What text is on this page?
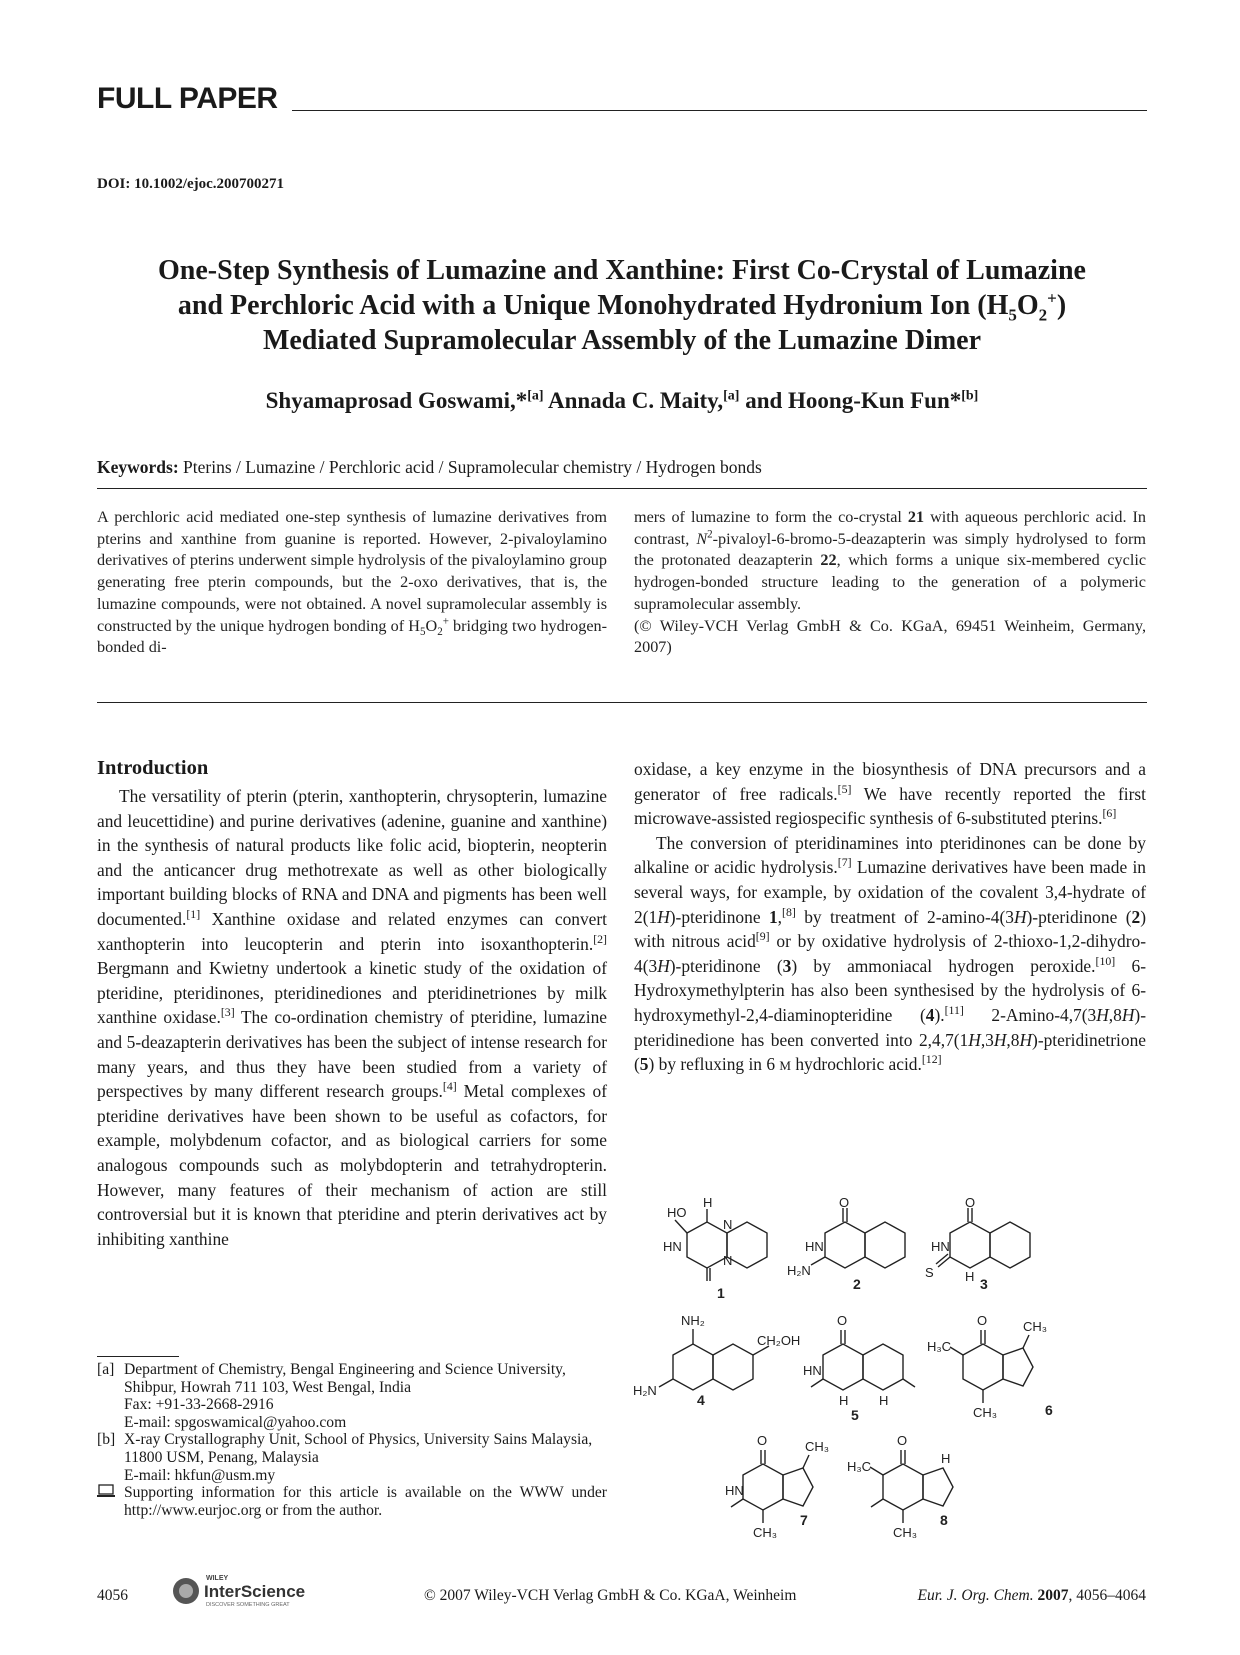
FULL PAPER
DOI: 10.1002/ejoc.200700271
One-Step Synthesis of Lumazine and Xanthine: First Co-Crystal of Lumazine
and Perchloric Acid with a Unique Monohydrated Hydronium Ion $(H_5O_2^+)$
Mediated Supramolecular Assembly of the Lumazine Dimer
Shyamaprosad Goswami,*[a] Annada C. Maity,[a] and Hoong-Kun Fun*[b]
Keywords: Pterins / Lumazine / Perchloric acid / Supramolecular chemistry / Hydrogen bonds
A perchloric acid mediated one-step synthesis of lumazine derivatives from pterins and xanthine from guanine is reported. However, 2-pivaloylamino derivatives of pterins underwent simple hydrolysis of the pivaloylamino group generating free pterin compounds, but the 2-oxo derivatives, that is, the lumazine compounds, were not obtained. A novel supramolecular assembly is constructed by the unique hydrogen bonding of $H_5O_2^+$ bridging two hydrogen-bonded di-
mers of lumazine to form the co-crystal 21 with aqueous perchloric acid. In contrast, $N^2-pivaloyl-6-bromo-5$-deazapterin was simply hydrolysed to form the protonated deazapterin 22, which forms a unique six-membered cyclic hydrogen-bonded structure leading to the generation of a polymeric supramolecular assembly.
(© Wiley-VCH Verlag GmbH & Co. KGaA, 69451 Weinheim, Germany, 2007)
Introduction

The versatility of pterin (pterin, xanthopterin, chrysopterin, lumazine and leucettidine) and purine derivatives (adenine, guanine and xanthine) in the synthesis of natural products like folic acid, biopterin, neopterin and the anticancer drug methotrexate as well as other biologically important building blocks of RNA and DNA and pigments has been well documented.[1] Xanthine oxidase and related enzymes can convert xanthopterin into leucopterin and pterin into isoxanthopterin.[2] Bergmann and Kwietny undertook a kinetic study of the oxidation of pteridine, pteridinones, pteridinediones and pteridinetriones by milk xanthine oxidase.[3] The co-ordination chemistry of pteridine, lumazine and 5-deazapterin derivatives has been the subject of intense research for many years, and thus they have been studied from a variety of perspectives by many different research groups.[4] Metal complexes of pteridine derivatives have been shown to be useful as cofactors, for example, molybdenum cofactor, and as biological carriers for some analogous compounds such as molybdopterin and tetrahydropterin. However, many features of their mechanism of action are still controversial but it is known that pteridine and pterin derivatives act by inhibiting xanthine

oxidase, a key enzyme in the biosynthesis of DNA precursors and a generator of free radicals.[5] We have recently reported the first microwave-assisted regiospecific synthesis of 6-substituted pterins.[6]

The conversion of pteridinamines into pteridinones can be done by alkaline or acidic hydrolysis.[7] Lumazine derivatives have been made in several ways, for example, by oxidation of the covalent 3,4-hydrate of 2(1H)-pteridinone 1,[8] by treatment of 2-amino-4(3H)-pteridinone (2) with nitrous acid[9] or by oxidative hydrolysis of 2-thioxo-1,2-dihydro-4(3H)-pteridinone (3) by ammoniacal hydrogen peroxide.[10] 6-Hydroxymethylpterin has also been synthesised by the hydrolysis of 6-hydroxymethyl-2,4-diaminopteridine (4).[11] 2-Amino-4,7(3H,8H)-pteridinedione has been converted into 2,4,7(1H,3H,8H)-pteridinetrione (5) by refluxing in 6 M hydrochloric acid.[12]

HO
H
HN
N
N
HN
O
H₂N
HN
O
S H
NH₂
CH₂OH
H₂N
HN
O
H H
H₃C
O	CH₃
CH₃
HN
O	CH₃
CH₃
H₃C
O
H
CH₃
1
2	3
4
5	6
7	8
[a] Department of Chemistry, Bengal Engineering and Science University,
Shibpur, Howrah 711 103, West Bengal, India
Fax: +91-33-2668-2916
E-mail: spgoswamical@yahoo.com
[b] X-ray Crystallography Unit, School of Physics, University Sains Malaysia,
11800 USM, Penang, Malaysia
E-mail: hkfun@usm.my
Supporting information for this article is available on the WWW under http://www.eurjoc.org or from the author.
4056
WILEY
InterScience
DISCOVER SOMETHING GREAT
© 2007 Wiley-VCH Verlag GmbH & Co. KGaA, Weinheim	Eur. J. Org. Chem. 2007, 4056–4064
